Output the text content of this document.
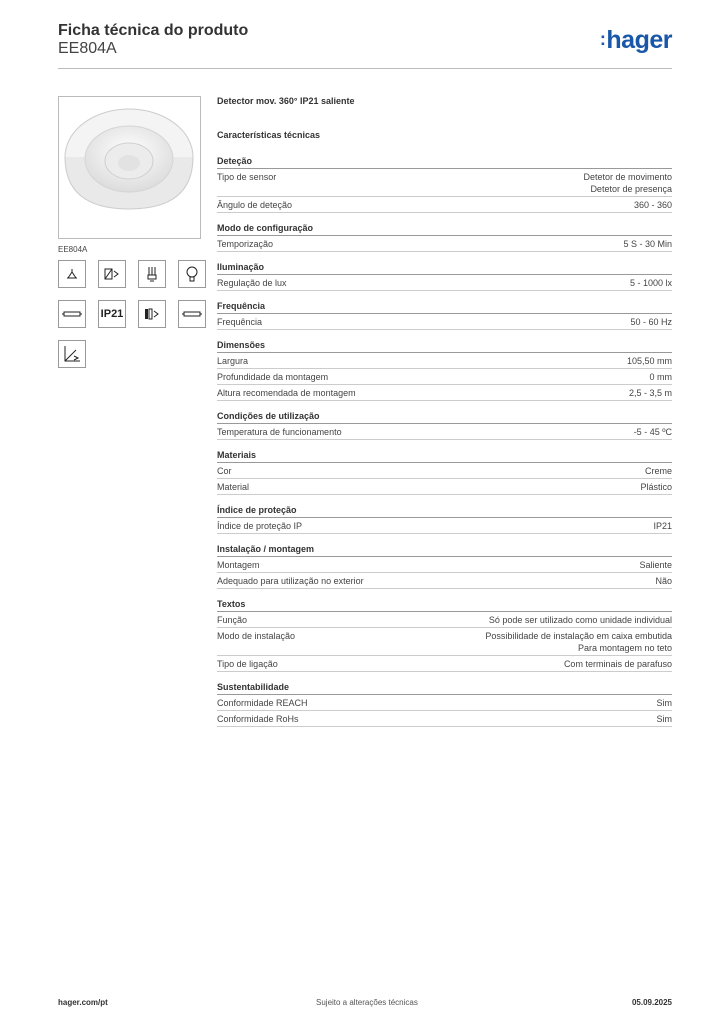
Ficha técnica do produto
EE804A	:hager
EE804A
IP21
Detector mov. 360° IP21 saliente
Características técnicas
Deteção
Tipo de sensor	Detetor de movimento
Detetor de presença
Ângulo de deteção	360 - 360
Modo de configuração
Temporização	5 S - 30 Min
Iluminação
Regulação de lux	5 - 1000 lx
Frequência
Frequência	50 - 60 Hz
Dimensões
Largura	105,50 mm
Profundidade da montagem	0 mm
Altura recomendada de montagem	2,5 - 3,5 m
Condições de utilização
Temperatura de funcionamento	-5 - 45 ºC
Materiais
Cor	Creme
Material	Plástico
Índice de proteção
Índice de proteção IP	IP21
Instalação / montagem
Montagem	Saliente
Adequado para utilização no exterior	Não
Textos
Função	Só pode ser utilizado como unidade individual
Modo de instalação	Possibilidade de instalação em caixa embutida
Para montagem no teto
Tipo de ligação	Com terminais de parafuso
Sustentabilidade
Conformidade REACH	Sim
Conformidade RoHs	Sim
hager.com/pt	Sujeito a alterações técnicas	05.09.2025
